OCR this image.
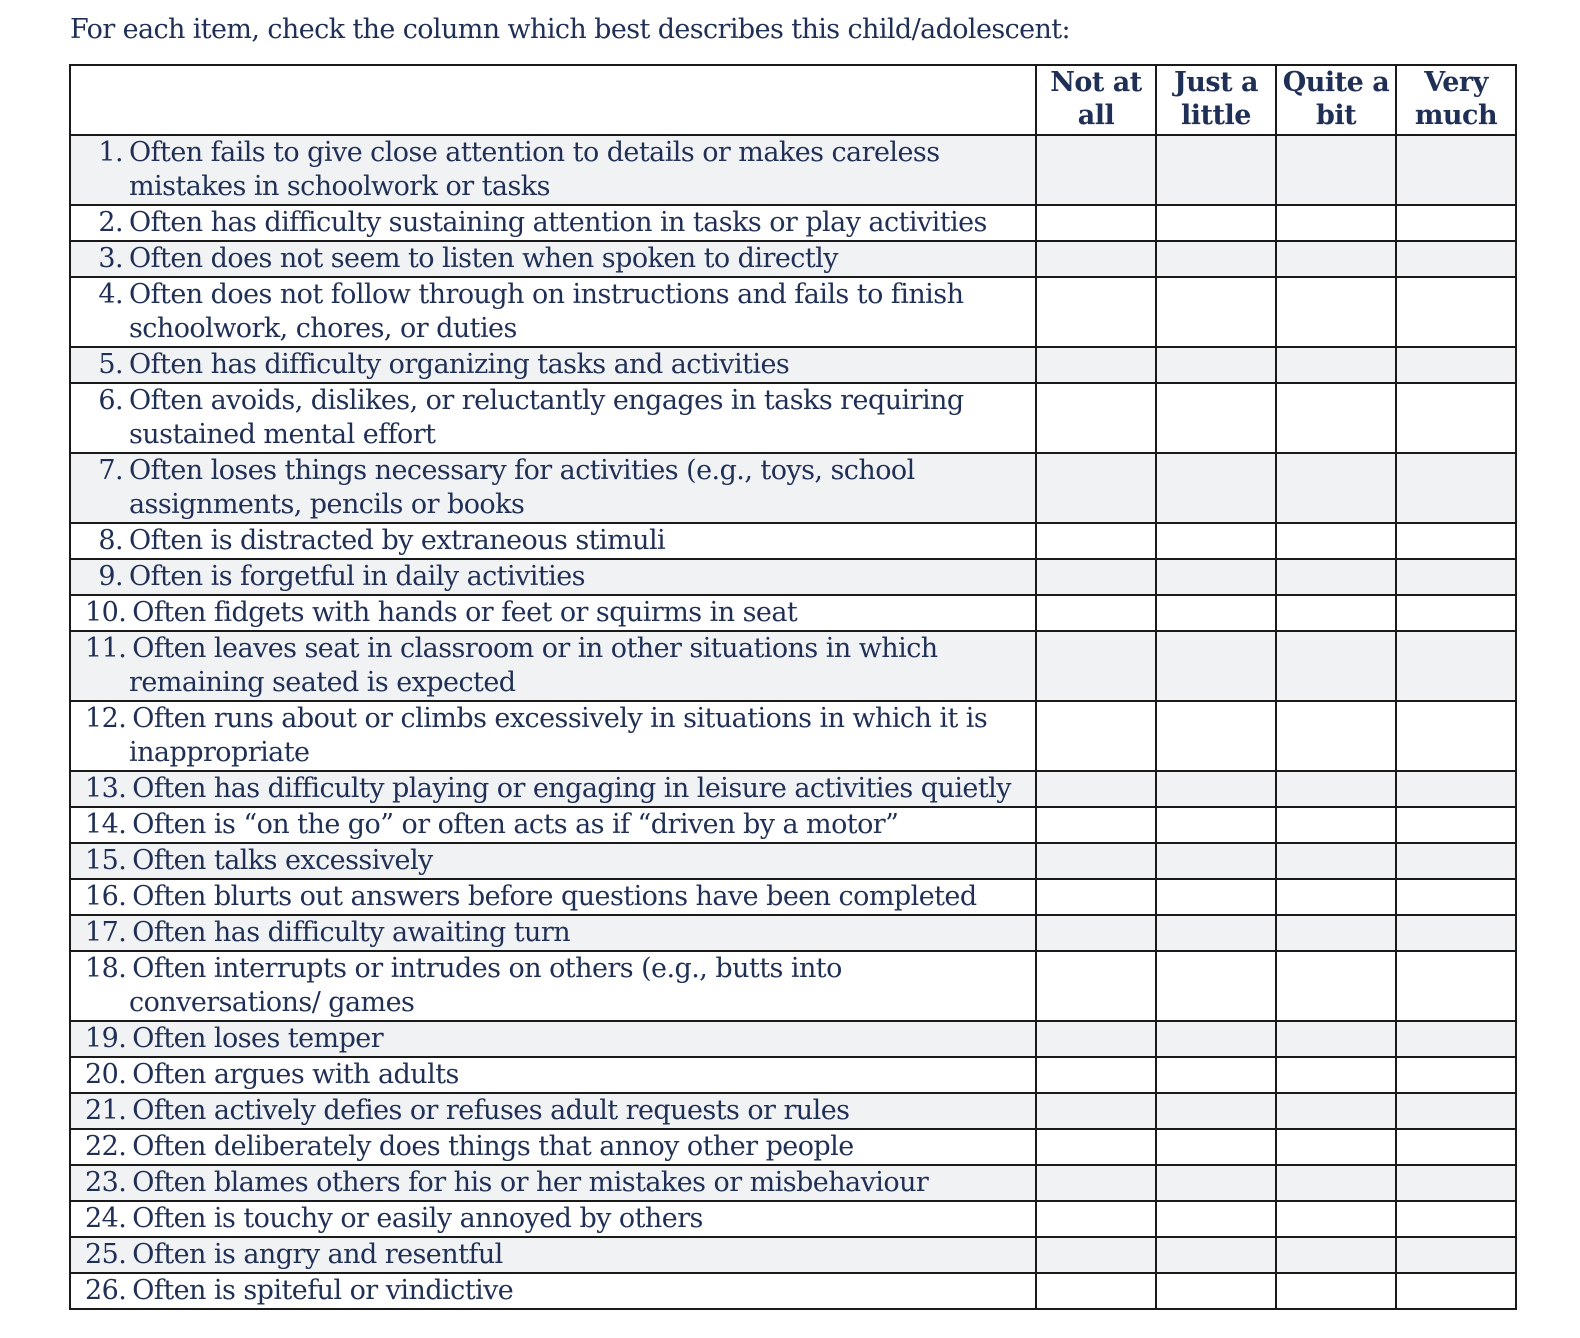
For each item, check the column which best describes this child/adolescent:
	Not at all	Just a little	Quite a bit	Very much
1. Often fails to give close attention to details or makes careless mistakes in schoolwork or tasks				
2. Often has difficulty sustaining attention in tasks or play activities				
3. Often does not seem to listen when spoken to directly				
4. Often does not follow through on instructions and fails to finish schoolwork, chores, or duties				
5. Often has difficulty organizing tasks and activities				
6. Often avoids, dislikes, or reluctantly engages in tasks requiring sustained mental effort				
7. Often loses things necessary for activities (e.g., toys, school assignments, pencils or books				
8. Often is distracted by extraneous stimuli				
9. Often is forgetful in daily activities				
10. Often fidgets with hands or feet or squirms in seat				
11. Often leaves seat in classroom or in other situations in which remaining seated is expected				
12. Often runs about or climbs excessively in situations in which it is inappropriate				
13. Often has difficulty playing or engaging in leisure activities quietly				
14. Often is “on the go” or often acts as if “driven by a motor”				
15. Often talks excessively				
16. Often blurts out answers before questions have been completed				
17. Often has difficulty awaiting turn				
18. Often interrupts or intrudes on others (e.g., butts into conversations/ games				
19. Often loses temper				
20. Often argues with adults				
21. Often actively defies or refuses adult requests or rules				
22. Often deliberately does things that annoy other people				
23. Often blames others for his or her mistakes or misbehaviour				
24. Often is touchy or easily annoyed by others				
25. Often is angry and resentful				
26. Often is spiteful or vindictive				
